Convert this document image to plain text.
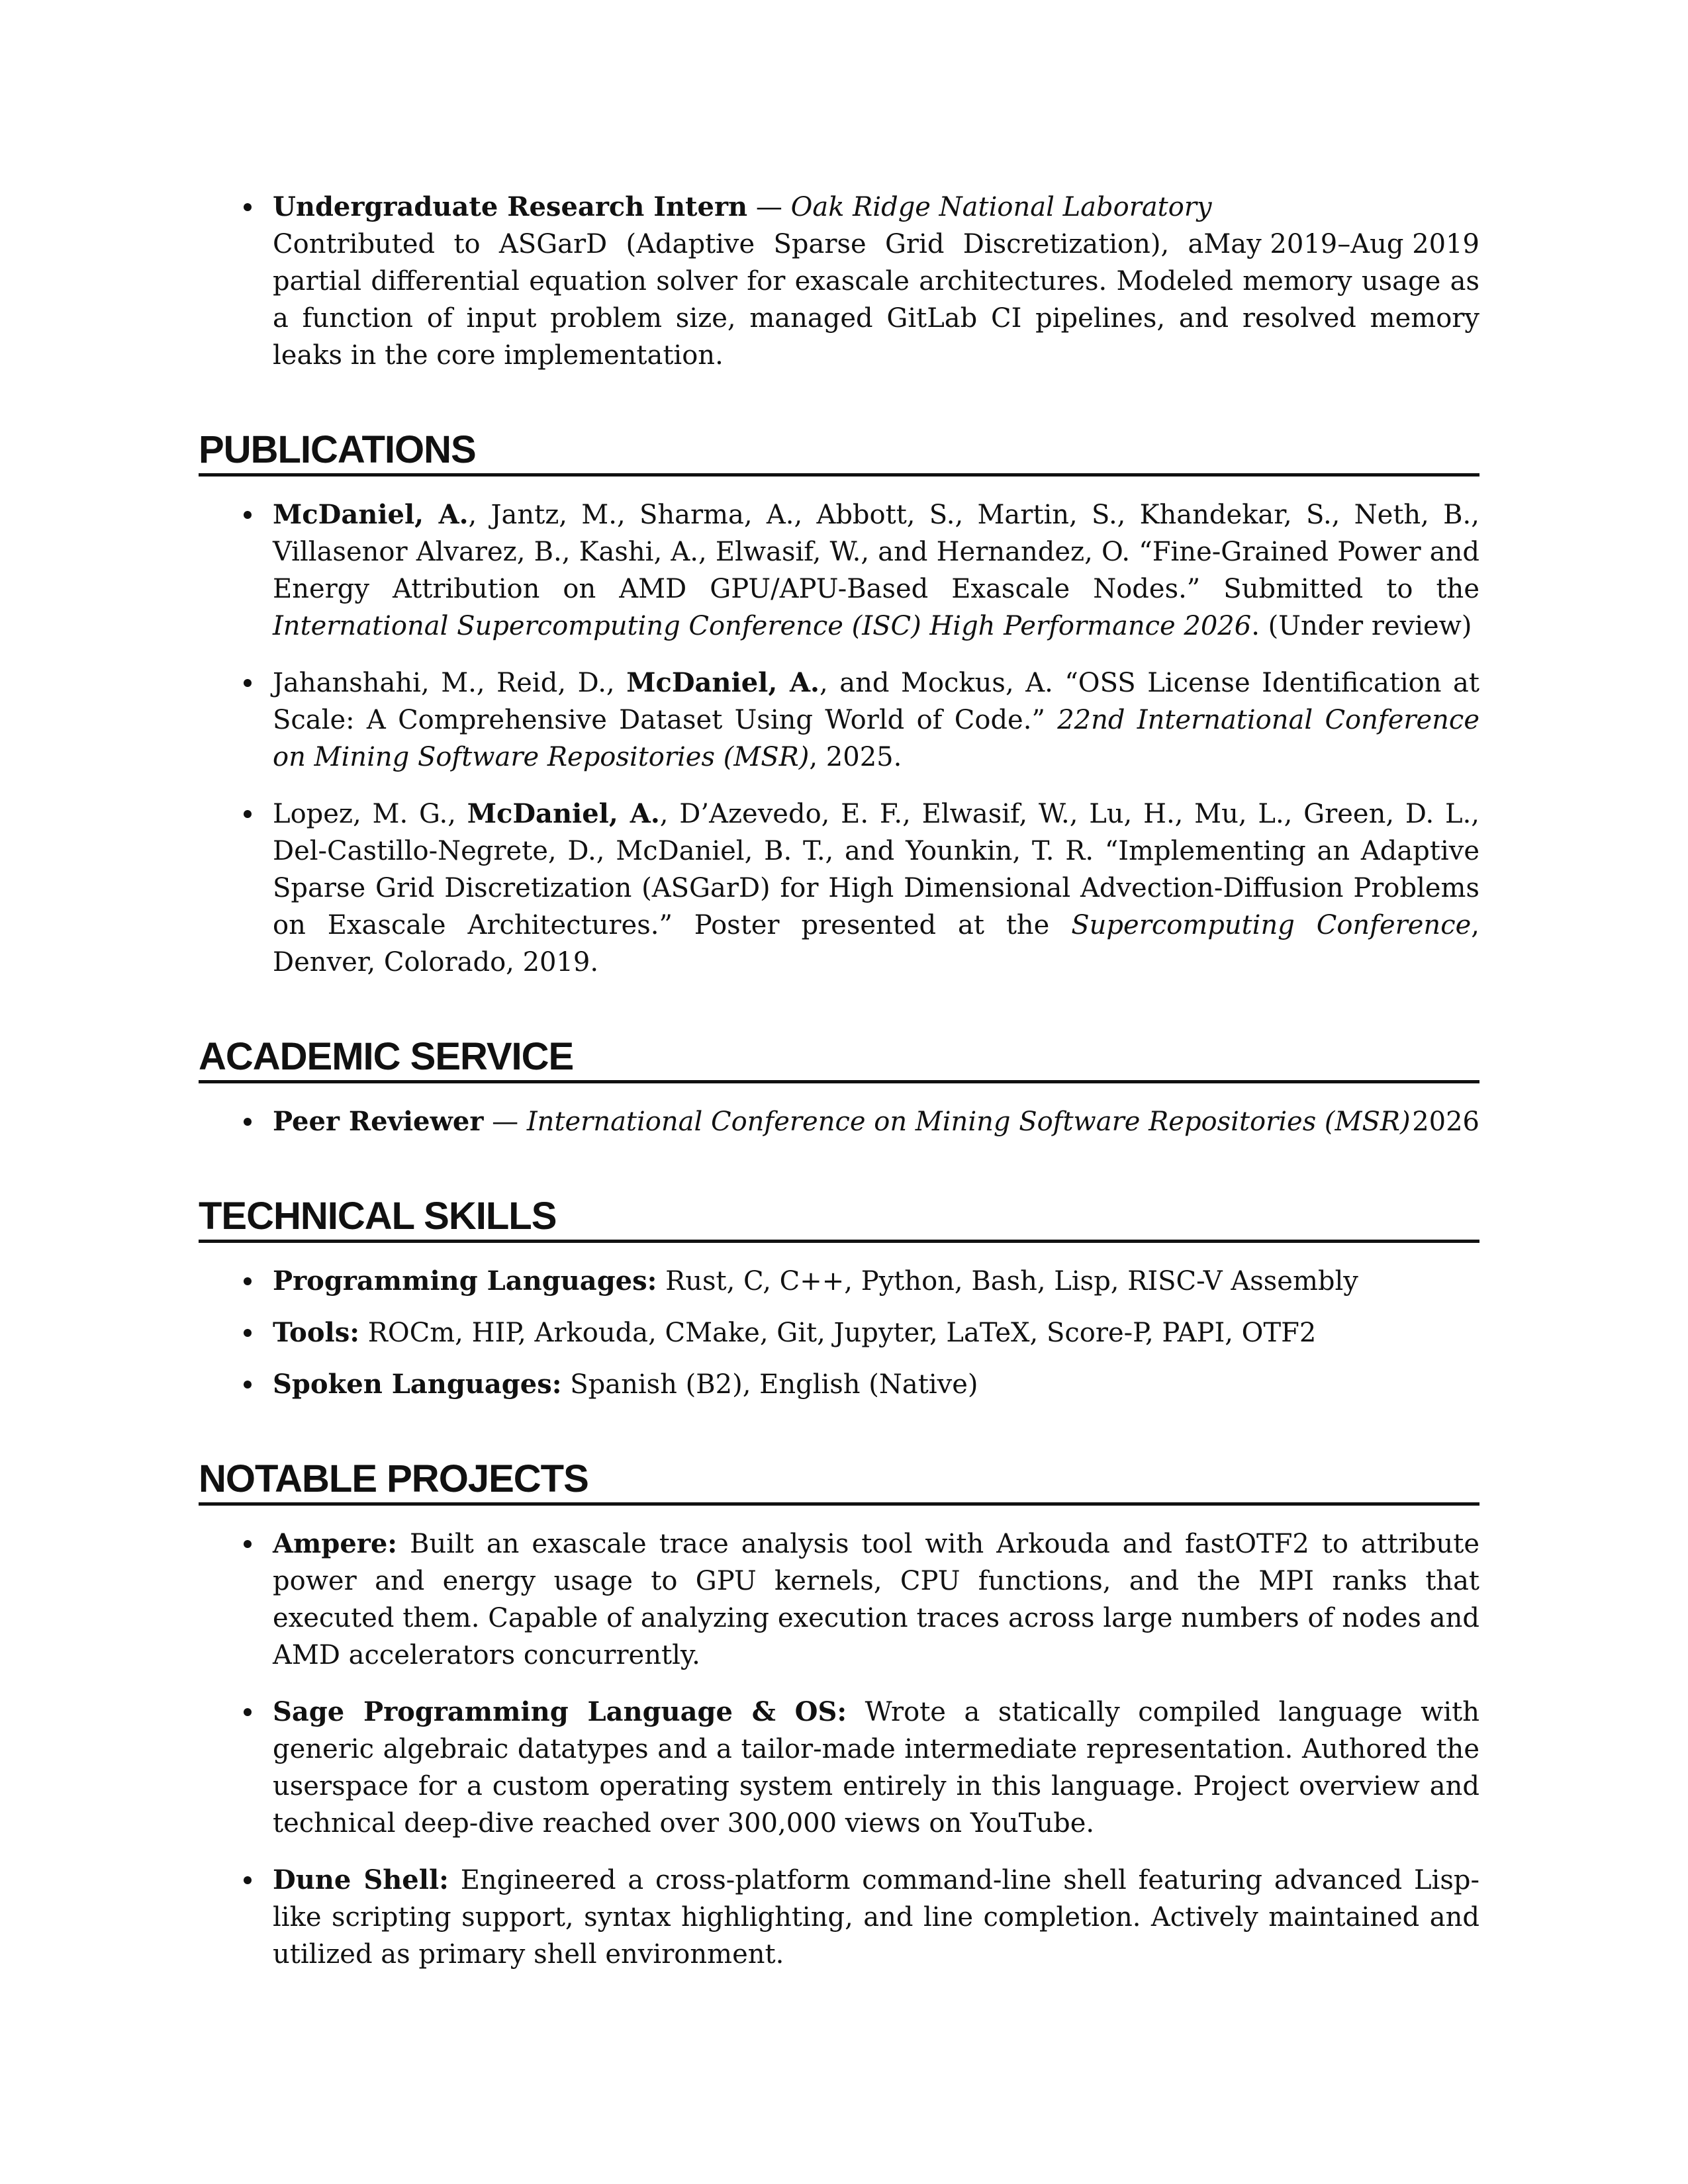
Undergraduate Research Intern — Oak Ridge National Laboratory
May 2019–Aug 2019

Contributed to ASGarD (Adaptive Sparse Grid Discretization), a partial differential equation solver for exascale architectures. Modeled memory usage as a function of input problem size, managed GitLab CI pipelines, and resolved memory leaks in the core implementation.
PUBLICATIONS
McDaniel, A., Jantz, M., Sharma, A., Abbott, S., Martin, S., Khandekar, S., Neth, B., Villasenor Alvarez, B., Kashi, A., Elwasif, W., and Hernandez, O. “Fine-Grained Power and Energy Attribution on AMD GPU/APU-Based Exascale Nodes.” Submitted to the International Supercomputing Conference (ISC) High Performance 2026. (Under review)
Jahanshahi, M., Reid, D., McDaniel, A., and Mockus, A. “OSS License Identification at Scale: A Comprehensive Dataset Using World of Code.” 22nd International Conference on Mining Software Repositories (MSR), 2025.
Lopez, M. G., McDaniel, A., D’Azevedo, E. F., Elwasif, W., Lu, H., Mu, L., Green, D. L., Del-Castillo-Negrete, D., McDaniel, B. T., and Younkin, T. R. “Implementing an Adaptive Sparse Grid Discretization (ASGarD) for High Dimensional Advection-Diffusion Problems on Exascale Architectures.” Poster presented at the Supercomputing Conference, Denver, Colorado, 2019.
ACADEMIC SERVICE
Peer Reviewer — International Conference on Mining Software Repositories (MSR) 2026
TECHNICAL SKILLS
Programming Languages: Rust, C, C++, Python, Bash, Lisp, RISC-V Assembly
Tools: ROCm, HIP, Arkouda, CMake, Git, Jupyter, LaTeX, Score-P, PAPI, OTF2
Spoken Languages: Spanish (B2), English (Native)
NOTABLE PROJECTS
Ampere: Built an exascale trace analysis tool with Arkouda and fastOTF2 to attribute power and energy usage to GPU kernels, CPU functions, and the MPI ranks that executed them. Capable of analyzing execution traces across large numbers of nodes and AMD accelerators concurrently.
Sage Programming Language & OS: Wrote a statically compiled language with generic algebraic datatypes and a tailor-made intermediate representation. Authored the userspace for a custom operating system entirely in this language. Project overview and technical deep-dive reached over 300,000 views on YouTube.
Dune Shell: Engineered a cross-platform command-line shell featuring advanced Lisp-like scripting support, syntax highlighting, and line completion. Actively maintained and utilized as primary shell environment.
